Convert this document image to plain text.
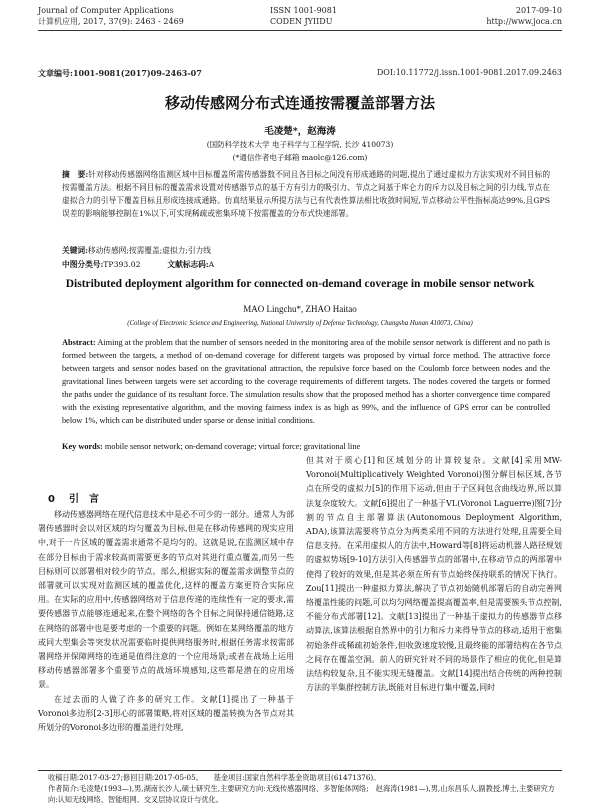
Journal of Computer Applications
计算机应用, 2017, 37(9): 2463 - 2469
ISSN 1001-9081
CODEN JYIIDU
2017-09-10
http://www.joca.cn
文章编号:1001-9081(2017)09-2463-07	DOI:10.11772/j.issn.1001-9081.2017.09.2463
移动传感网分布式连通按需覆盖部署方法
毛凌楚*，赵海涛
(国防科学技术大学 电子科学与工程学院, 长沙 410073)
(*通信作者电子邮箱 maolc@126.com)
摘　要:针对移动传感器网络监测区域中目标覆盖所需传感器数不同且各目标之间没有形成通路的问题,提出了通过虚拟力方法实现对不同目标的按需覆盖方法。根据不同目标的覆盖需求设置对传感器节点的基于方有引力的吸引力、节点之间基于库仑力的斥力以及目标之间的引力线,节点在虚拟合力的引导下覆盖目标且形成连接成通路。仿真结果显示所提方法与已有代表性算法相比收敛时间短,节点移动公平性指标高达99%,且GPS误差的影响能够控制在1%以下,可实现稀疏或密集环境下按需覆盖的分布式快速部署。
关键词:移动传感网;按需覆盖;虚拟力;引力线
中图分类号:TP393.02	文献标志码:A
Distributed deployment algorithm for connected on-demand coverage in mobile sensor network
MAO Lingchu*, ZHAO Haitao
(College of Electronic Science and Engineering, National University of Defense Technology, Changsha Hunan 410073, China)
Abstract: Aiming at the problem that the number of sensors needed in the monitoring area of the mobile sensor network is different and no path is formed between the targets, a method of on-demand coverage for different targets was proposed by virtual force method. The attractive force between targets and sensor nodes based on the gravitational attraction, the repulsive force based on the Coulomb force between nodes and the gravitational lines between targets were set according to the coverage requirements of different targets. The nodes covered the targets or formed the paths under the guidance of its resultant force. The simulation results show that the proposed method has a shorter convergence time compared with the existing representative algorithm, and the moving fairness index is as high as 99%, and the influence of GPS error can be controlled below 1%, which can be distributed under sparse or dense initial conditions.
Key words: mobile sensor network; on-demand coverage; virtual force; gravitational line
0 引　言

移动传感器网络在现代信息技术中是必不可少的一部分。通常人为部署传感器时会以对区域的均匀覆盖为目标,但是在移动传感网的现实应用中,对于一片区域的覆盖需求通常不是均匀的。这就是说,在监测区域中存在部分目标由于需求较高而需要更多的节点对其进行重点覆盖,而另一些目标则可以部署相对较少的节点。部么,根据实际的覆盖需求调整节点的部署就可以实现对监测区域的覆盖优化,这样的覆盖方案更符合实际应用。在实际的应用中,传感器网络对于信息传递的连续性有一定的要求,需要传感器节点能够连通起来,在整个网络的各个目标之间保持通信链路,这在网络的部署中也是要考虑的一个重要的问题。例如在某网络覆盖的地方或同大型集会等突发状况需要临时提供网络服务时,根据任务需求按需部署网络并保障网络的连通是值得注意的一个应用场景;或者在战场上运用移动传感器部署多个重要节点的战场环境感知,这些都是潜在的应用场景。

在过去面的人做了许多的研究工作。文献[1]提出了一种基于Voronoi多边形[2-3]形心的部署策略,将对区域的覆盖转换为各节点对其所划分的Voronoi多边形的覆盖进行处理,

但其对于质心[1]和区域划分的计算较复杂。文献[4]采用MW-Voronoi(Multiplicatively Weighted Voronoi)图分解目标区域,各节点在所受的虚拟力[5]的作用下运动,但由于子区间包含曲线边界,所以算法复杂度较大。文献[6]提出了一种基于VL(Voronoi Laguerre)图[7]分割的节点自主部署算法(Autonomous Deployment Algorithm, ADA),该算法需要将节点分为两类采用不同的方法进行处理,且需要全局信息支持。在采用虚拟人的方法中,Howard等[8]将运动机器人路径规划的虚拟势场[9-10]方法引入传感器节点的部署中,在移动节点的两部署中使得了较好的效果,但是其必须在所有节点始终保持联系的情况下执行。Zou[11]提出一种虚拟力算法,解决了节点初始随机部署后的自动完善网络覆盖性能的问题,可以均匀网络覆盖提高覆盖率,但是需要簇头节点控制,不能分布式部署[12]。文献[13]提出了一种基于虚拟力的传感器节点移动算法,该算法根据自然界中的引力和斥力来得导节点的移动,适用于密集初始条件或稀疏初始条件,但收敛速度较慢,且最终能的部署结构在各节点之间存在覆盖空洞。前人的研究针对不同的场景作了相应的优化,但是算法结构较复杂,且不能实现无缝覆盖。文献[14]提出结合传统的两种控制方法的半集群控制方法,既能对目标进行集中覆盖,同时

收稿日期:2017-03-27;修回日期:2017-05-05。　　 基金项目:国家自然科学基金资助项目(61471376)。
作者简介:毛凌楚(1993—),男,湖南长沙人,硕士研究生,主要研究方向:无线传感器网络、多智能体网络;　赵海涛(1981—),男,山东昌乐人,副教授,博士,主要研究方向:认知无线网络、智能组网、交叉层协议设计与优化。
